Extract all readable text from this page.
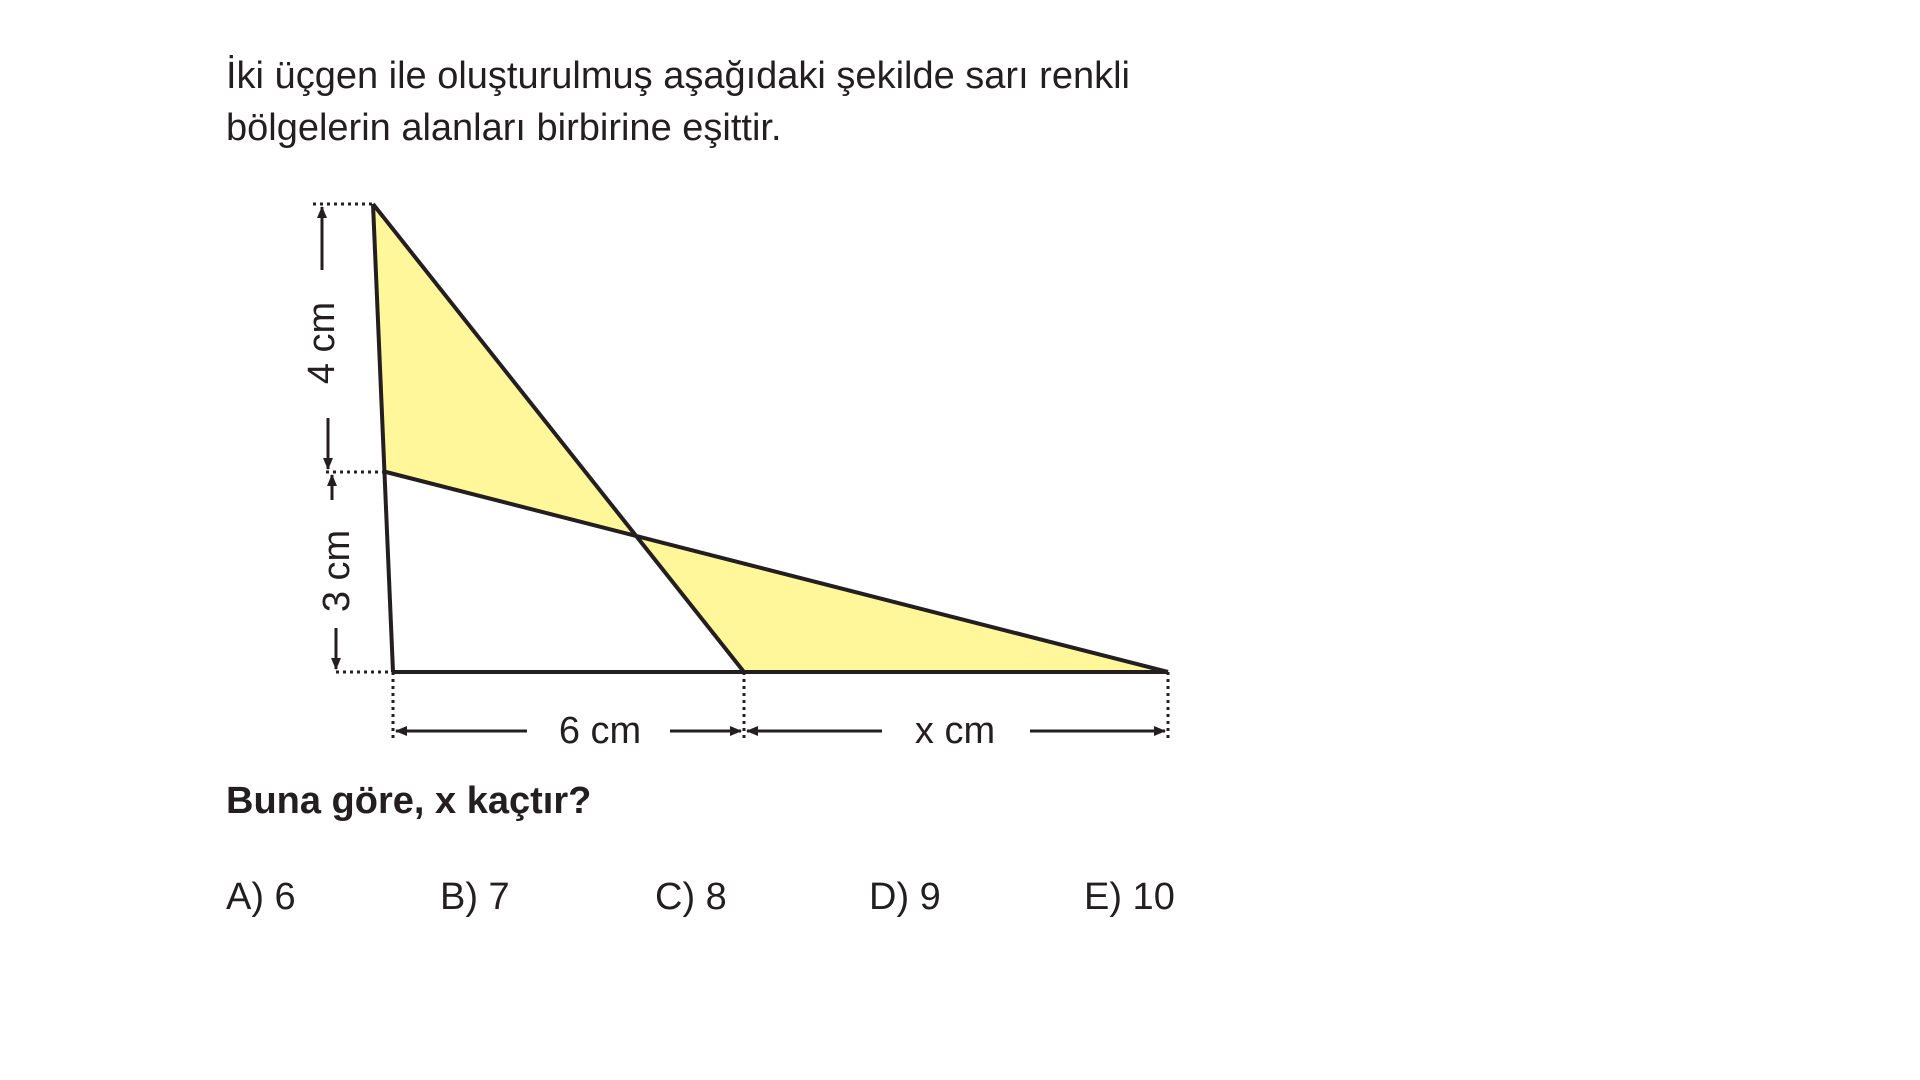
İki üçgen ile oluşturulmuş aşağıdaki şekilde sarı renkli
bölgelerin alanları birbirine eşittir.
4 cm
3 cm
6 cm	x cm

Buna göre, x kaçtır?

A) 6	B) 7	C) 8	D) 9	E) 10
